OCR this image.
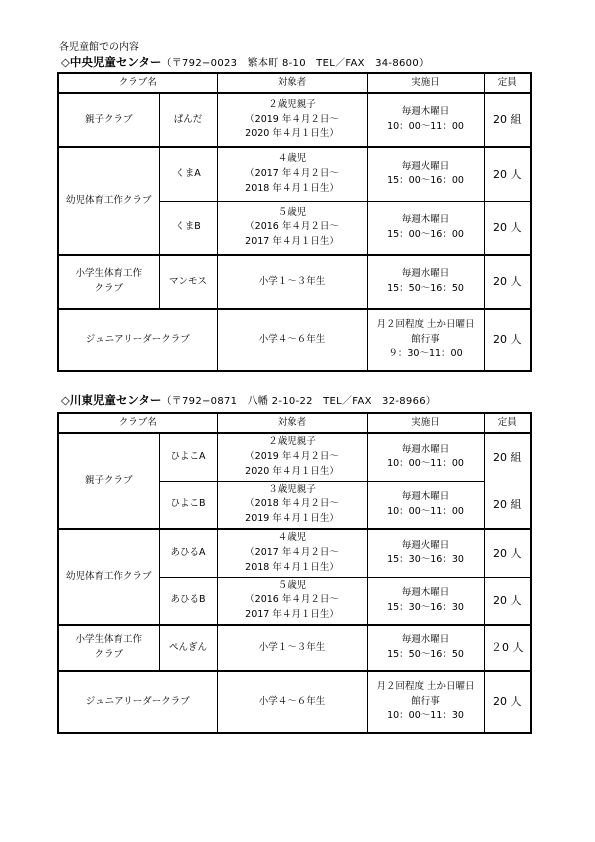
各児童館での内容
◇中央児童センター（〒792−0023　繁本町 8-10　TEL／FAX　34-8600）
クラブ名		対象者	実施日	定員
親子クラブ	ぱんだ	２歳児親子
（2019 年４月２日〜
2020 年４月１日生）	毎週木曜日
10：00〜11：00	20 組
幼児体育工作クラブ	くまA	４歳児
（2017 年４月２日〜
2018 年４月１日生）	毎週火曜日
15：00〜16：00	20 人
	くまB	５歳児
（2016 年４月２日〜
2017 年４月１日生）	毎週木曜日
15：00〜16：00	20 人

小学生体育工作
クラブ	マンモス	小学１〜３年生	毎週水曜日
15：50〜16：50	20 人
ジュニアリーダークラブ		小学４〜６年生	月２回程度 土か日曜日
館行事
９：30〜11：00	20 人
◇川東児童センター（〒792−0871　八幡 2-10-22　TEL／FAX　32-8966）
クラブ名		対象者	実施日	定員
親子クラブ	ひよこA	２歳児親子
（2019 年４月２日〜
2020 年４月１日生）	毎週水曜日
10：00〜11：00	20 組
	ひよこB	３歳児親子
（2018 年４月２日〜
2019 年４月１日生）	毎週木曜日
10：00〜11：00	20 組
幼児体育工作クラブ	あひるA	４歳児
（2017 年４月２日〜
2018 年４月１日生）	毎週火曜日
15：30〜16：30	20 人
	あひるB	５歳児
（2016 年４月２日〜
2017 年４月１日生）	毎週木曜日
15：30〜16：30	20 人

小学生体育工作
クラブ	ぺんぎん	小学１〜３年生	毎週水曜日
15：50〜16：50	２0 人
ジュニアリーダークラブ		小学４〜６年生	月２回程度 土か日曜日
館行事
10：00〜11：30	20 人
